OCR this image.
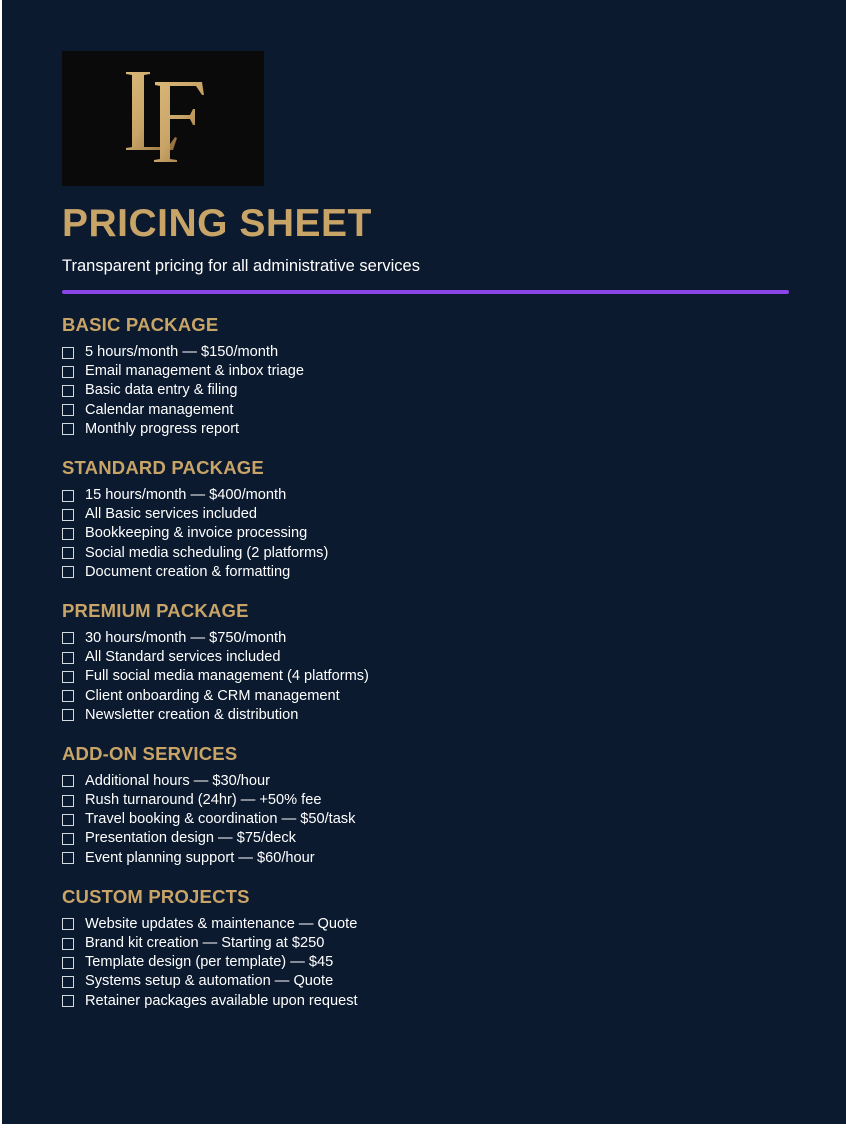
PRICING SHEET
Transparent pricing for all administrative services
BASIC PACKAGE
5 hours/month — $150/month
Email management & inbox triage
Basic data entry & filing
Calendar management
Monthly progress report
STANDARD PACKAGE
15 hours/month — $400/month
All Basic services included
Bookkeeping & invoice processing
Social media scheduling (2 platforms)
Document creation & formatting
PREMIUM PACKAGE
30 hours/month — $750/month
All Standard services included
Full social media management (4 platforms)
Client onboarding & CRM management
Newsletter creation & distribution
ADD-ON SERVICES
Additional hours — $30/hour
Rush turnaround (24hr) — +50% fee
Travel booking & coordination — $50/task
Presentation design — $75/deck
Event planning support — $60/hour
CUSTOM PROJECTS
Website updates & maintenance — Quote
Brand kit creation — Starting at $250
Template design (per template) — $45
Systems setup & automation — Quote
Retainer packages available upon request
